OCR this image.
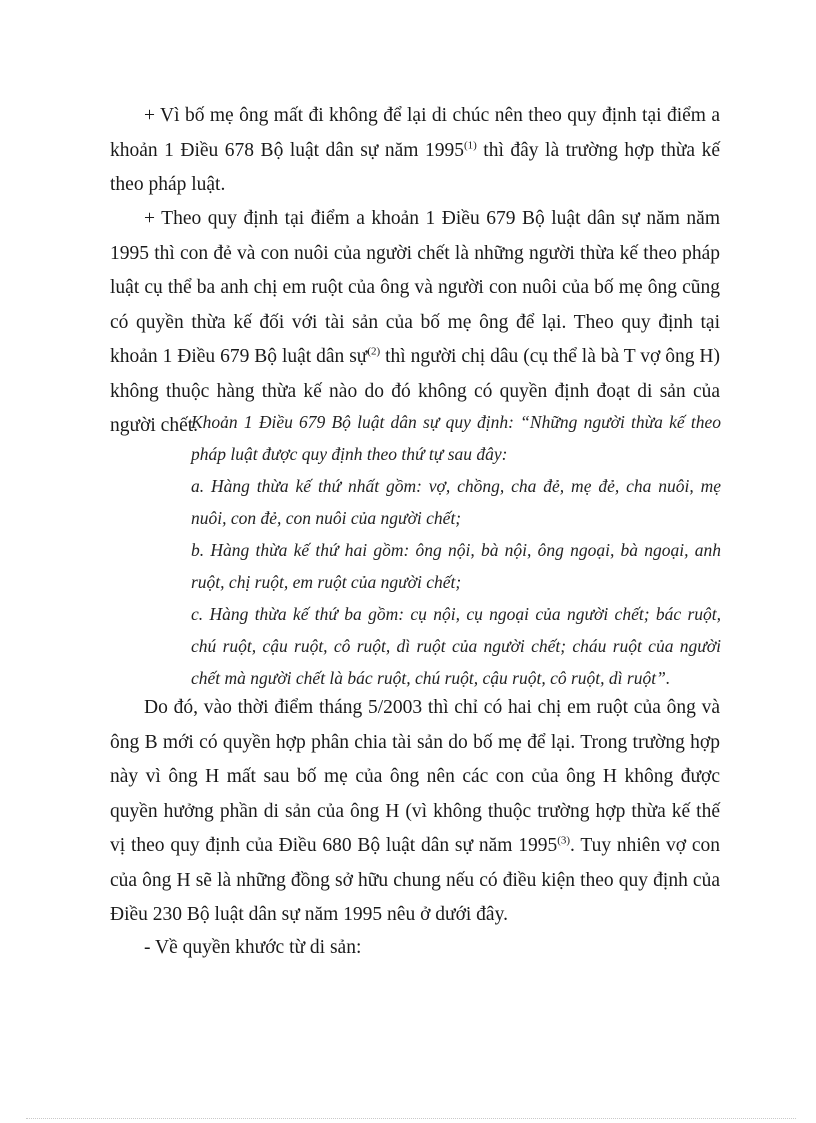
+ Vì bố mẹ ông mất đi không để lại di chúc nên theo quy định tại điểm a khoản 1 Điều 678 Bộ luật dân sự năm 1995$^{(1)}$ thì đây là trường hợp thừa kế theo pháp luật.

+ Theo quy định tại điểm a khoản 1 Điều 679 Bộ luật dân sự năm năm 1995 thì con đẻ và con nuôi của người chết là những người thừa kế theo pháp luật cụ thể ba anh chị em ruột của ông và người con nuôi của bố mẹ ông cũng có quyền thừa kế đối với tài sản của bố mẹ ông để lại. Theo quy định tại khoản 1 Điều 679 Bộ luật dân sự$^{(2)}$ thì người chị dâu (cụ thể là bà T vợ ông H) không thuộc hàng thừa kế nào do đó không có quyền định đoạt di sản của người chết.

Khoản 1 Điều 679 Bộ luật dân sự quy định: “Những người thừa kế theo pháp luật được quy định theo thứ tự sau đây:

a. Hàng thừa kế thứ nhất gồm: vợ, chồng, cha đẻ, mẹ đẻ, cha nuôi, mẹ nuôi, con đẻ, con nuôi của người chết;

b. Hàng thừa kế thứ hai gồm: ông nội, bà nội, ông ngoại, bà ngoại, anh ruột, chị ruột, em ruột của người chết;

c. Hàng thừa kế thứ ba gồm: cụ nội, cụ ngoại của người chết; bác ruột, chú ruột, cậu ruột, cô ruột, dì ruột của người chết; cháu ruột của người chết mà người chết là bác ruột, chú ruột, cậu ruột, cô ruột, dì ruột”.

Do đó, vào thời điểm tháng 5/2003 thì chỉ có hai chị em ruột của ông và ông B mới có quyền hợp phân chia tài sản do bố mẹ để lại. Trong trường hợp này vì ông H mất sau bố mẹ của ông nên các con của ông H không được quyền hưởng phần di sản của ông H (vì không thuộc trường hợp thừa kế thế vị theo quy định của Điều 680 Bộ luật dân sự năm 1995$^{(3)}$. Tuy nhiên vợ con của ông H sẽ là những đồng sở hữu chung nếu có điều kiện theo quy định của Điều 230 Bộ luật dân sự năm 1995 nêu ở dưới đây.

- Về quyền khước từ di sản:
